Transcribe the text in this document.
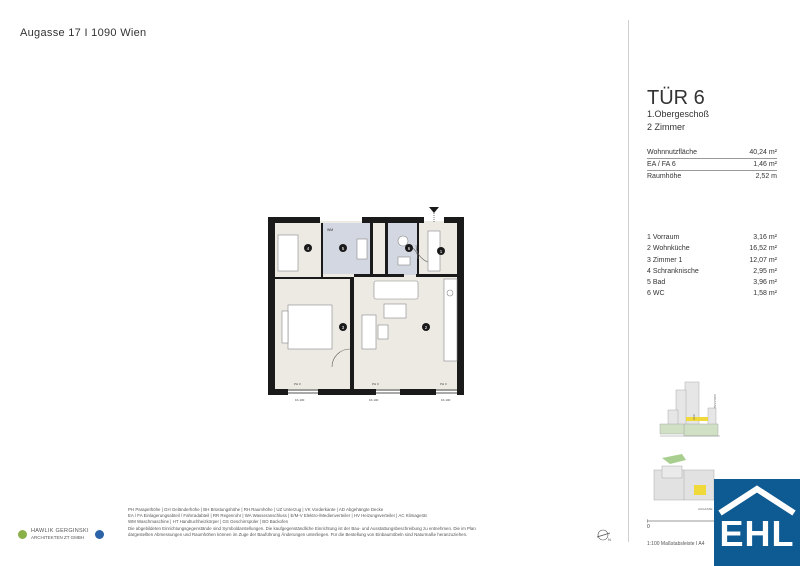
Augasse 17 I 1090 Wien
TÜR 6
1.Obergeschoß
2 Zimmer
Wohnnutzfläche	40,24 m²
EA / FA 6	1,46 m²
Raumhöhe	2,52 m
1 Vorraum	3,16 m²
2 Wohnküche	16,52 m²
3 Zimmer 1	12,07 m²
4 Schranknische	2,95 m²
5 Bad	3,96 m²
6 WC	1,58 m²
WM
4	5	6
1
3	2
PH 0	PH 0	PH 0
FA 100	FA 100	FA 100
HOF
AUGASSE
AUGASSE
0
1:100 Maßstabsleiste I A4
PH Parapethöhe | GH Geländerhöhe | BH Brüstungshöhe | RH Raumhöhe | UZ Unterzug | VK Vorderkante | AD Abgehängte Decke
EA / FA Einlagerungsabteil / Fahrradabteil | RR Regenrohr | WA Wasseranschluss | E/M-V Elektro-/Medienverteiler | HV Heizungsverteiler | AC Klimagerät
WM Waschmaschine | HT Handtuchheizkörper | GS Geschirrspüler | BO Backofen
Die abgebildeten Einrichtungsgegenstände sind Symboldarstellungen. Die kaufgegenständliche Einrichtung ist der Bau- und Ausstattungsbeschreibung zu entnehmen. Die im Plan
dargestellten Abmessungen und Raumhöhen können im Zuge der Bauführung Änderungen unterliegen. Für die Bestellung von Einbaumöbeln sind Naturmaße heranzuziehen.
HAWLIK GERGINSKI
ARCHITEKTEN ZT GMBH	N	EHL
